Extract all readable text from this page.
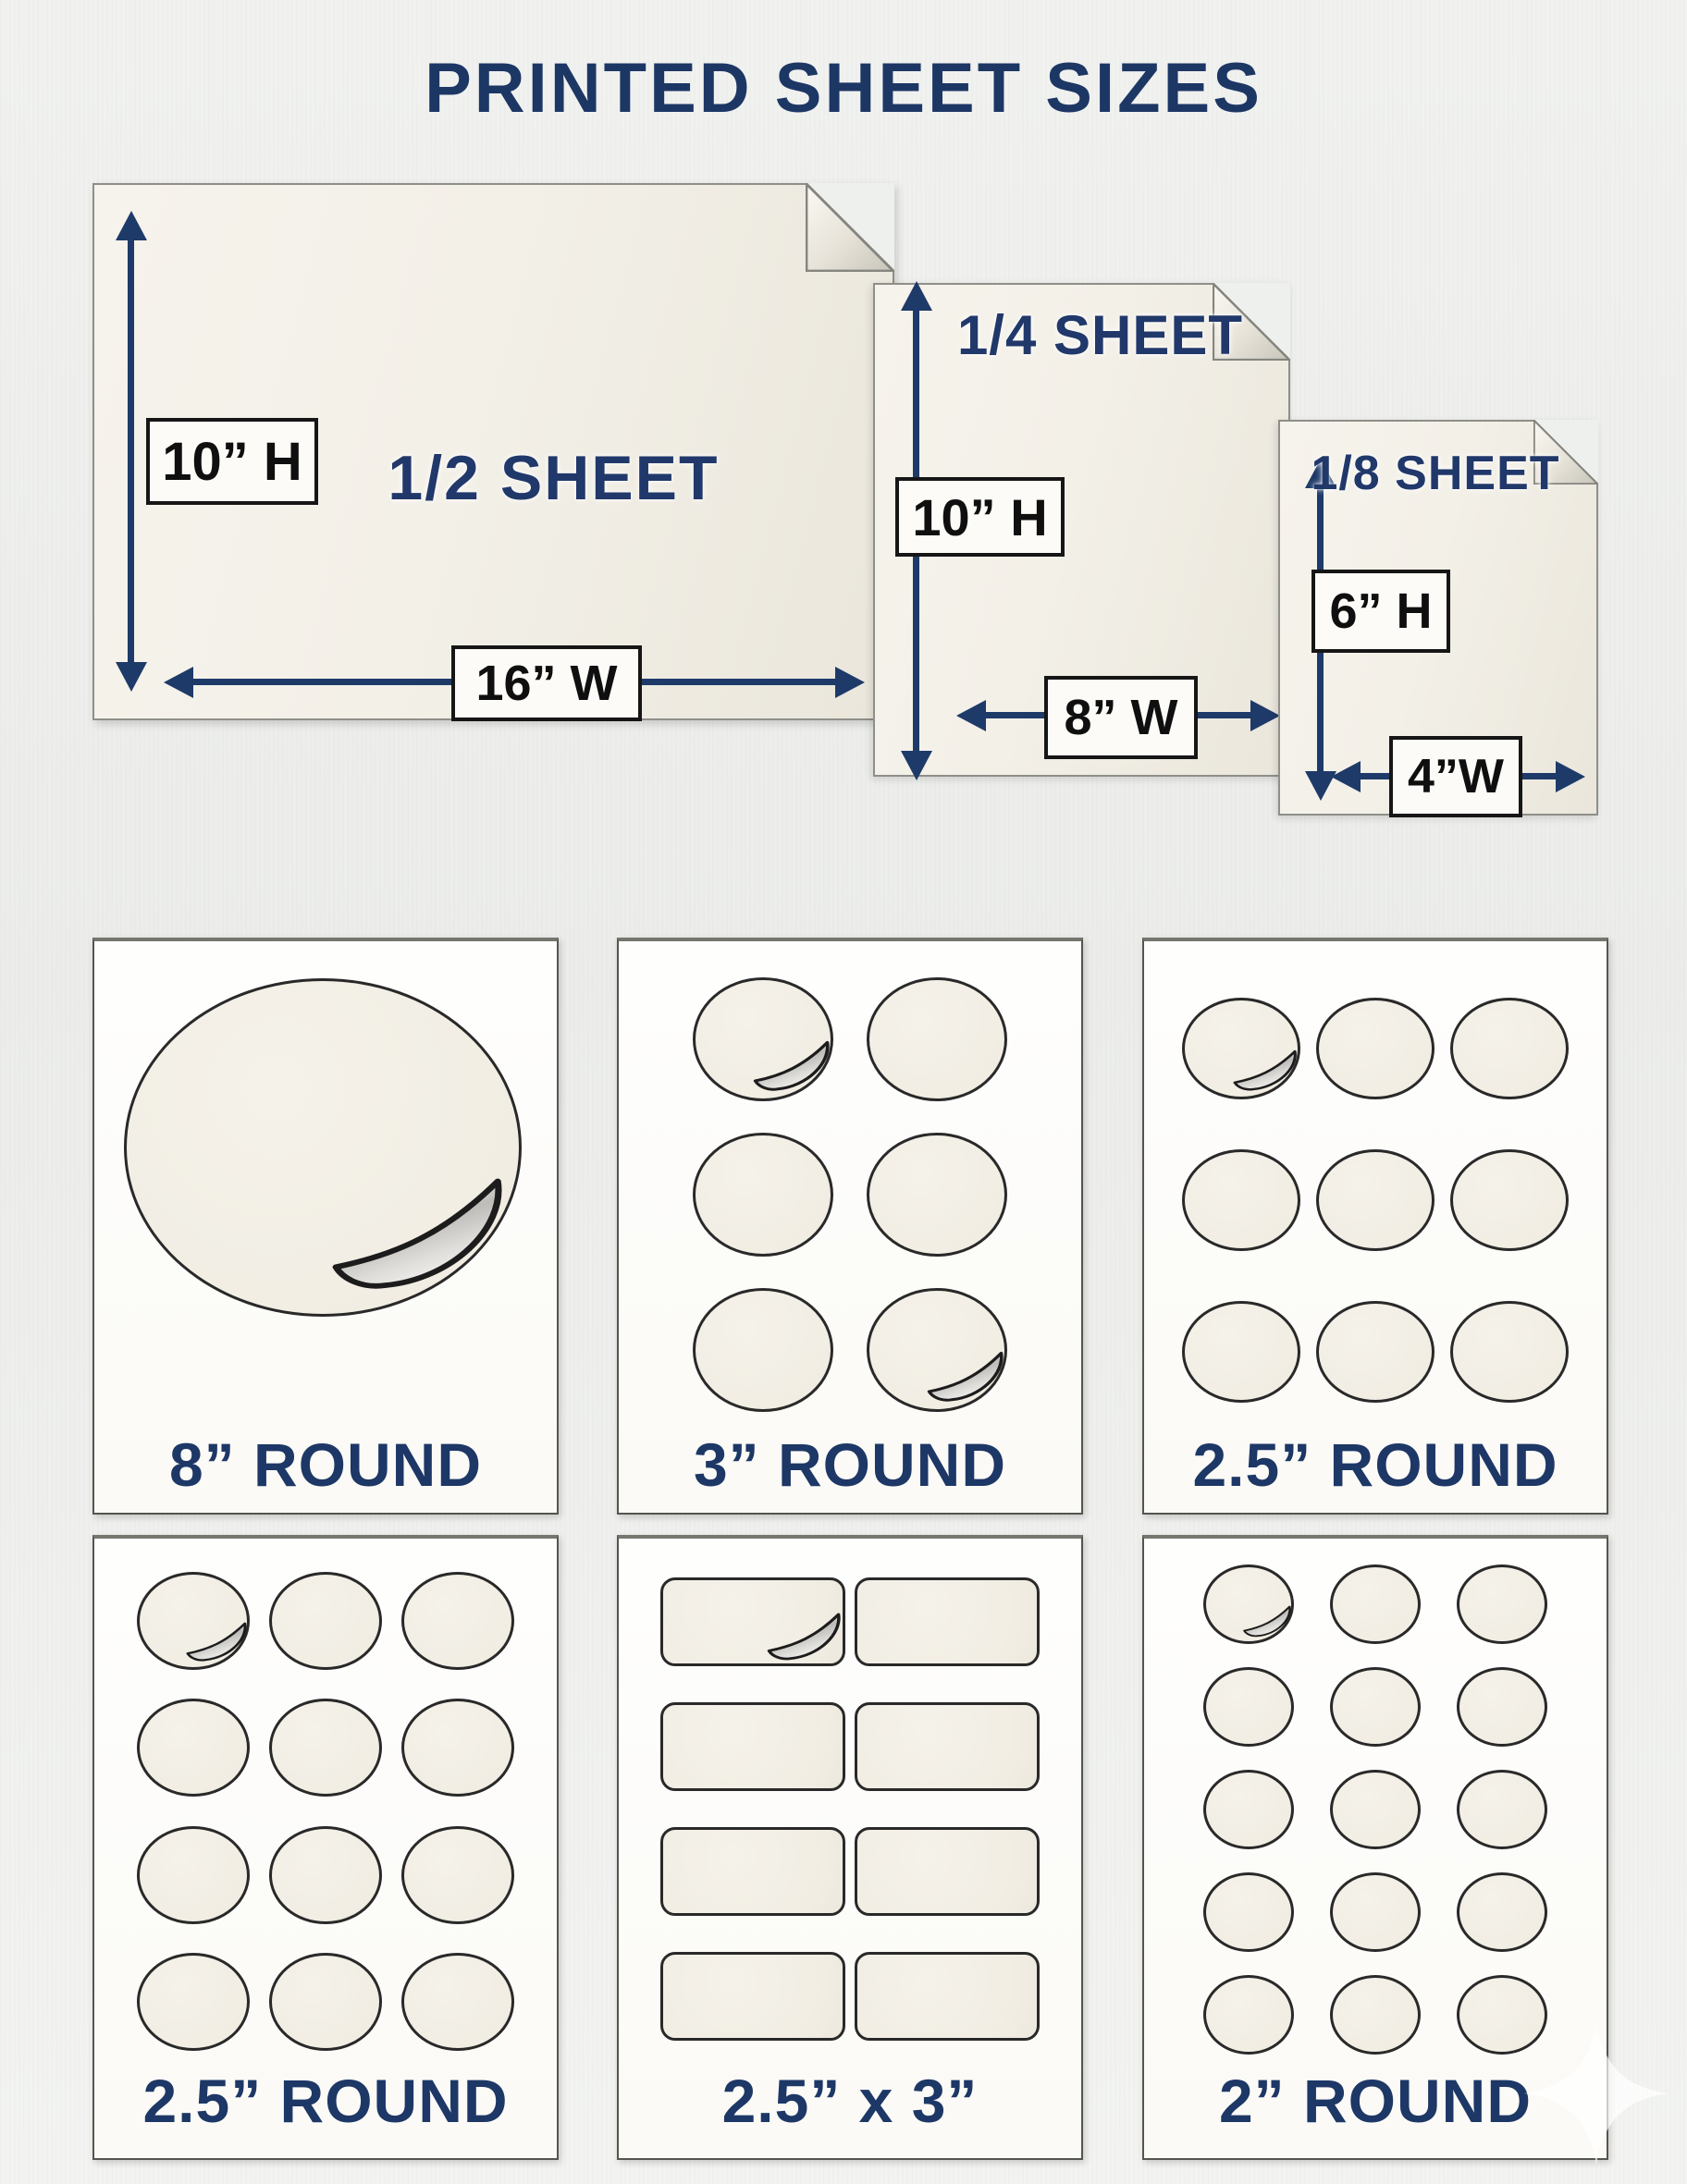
PRINTED SHEET SIZES
1/2 SHEET
10” H
16” W
1/4 SHEET
10” H
8” W
1/8 SHEET
6” H
4”W
8” ROUND	3” ROUND	2.5” ROUND
2.5” ROUND	2.5” x 3”	2” ROUND
